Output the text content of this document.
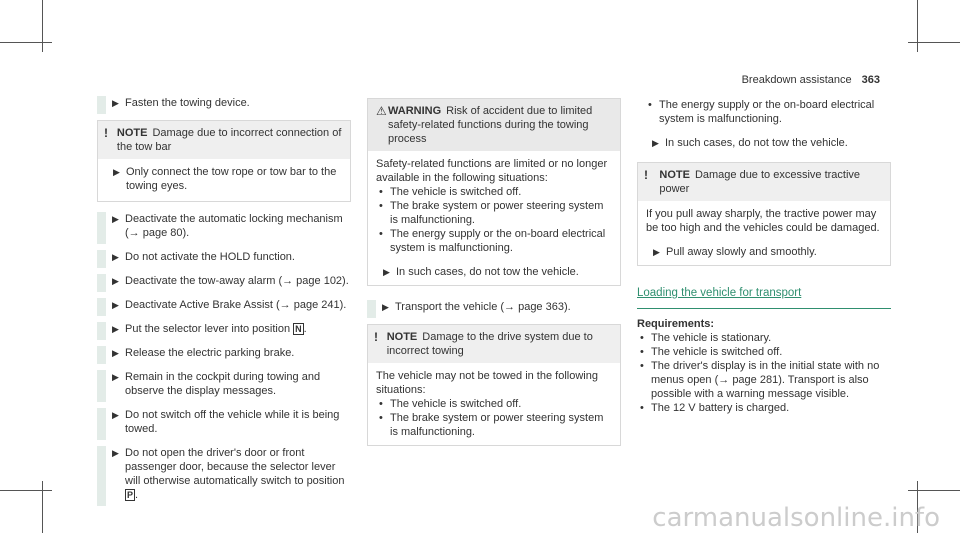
Breakdown assistance 363
▶ Fasten the towing device.
! NOTE Damage due to incorrect connection of the tow bar
▶ Only connect the tow rope or tow bar to the towing eyes.
▶ Deactivate the automatic locking mechanism (→ page 80).
▶ Do not activate the HOLD function.
▶ Deactivate the tow-away alarm (→ page 102).
▶ Deactivate Active Brake Assist (→ page 241).
▶ Put the selector lever into position N .
▶ Release the electric parking brake.
▶ Remain in the cockpit during towing and observe the display messages.
▶ Do not switch off the vehicle while it is being towed.
▶ Do not open the driver's door or front passenger door, because the selector lever will otherwise automatically switch to position P .
⚠ WARNING Risk of accident due to limited safety-related functions during the towing process
Safety-related functions are limited or no longer available in the following situations:
• The vehicle is switched off.
• The brake system or power steering system is malfunctioning.
• The energy supply or the on-board electrical system is malfunctioning.
▶ In such cases, do not tow the vehicle.
▶ Transport the vehicle (→ page 363).
! NOTE Damage to the drive system due to incorrect towing
The vehicle may not be towed in the following situations:
• The vehicle is switched off.
• The brake system or power steering system is malfunctioning.
• The energy supply or the on-board electrical system is malfunctioning.
▶ In such cases, do not tow the vehicle.
!	NOTE Damage due to excessive tractive power
If you pull away sharply, the tractive power may be too high and the vehicles could be damaged.
▶ Pull away slowly and smoothly.
Loading the vehicle for transport
Requirements:
• The vehicle is stationary.
• The vehicle is switched off.
• The driver's display is in the initial state with no menus open (→ page 281). Transport is also possible with a warning message visible.
• The 12 V battery is charged.
carmanualsonline.info
